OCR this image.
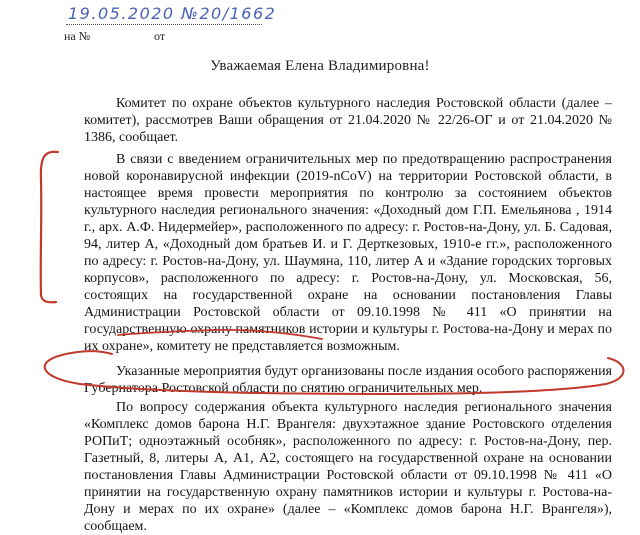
19.05.2020 №20/1662
на №	от
Уважаемая Елена Владимировна!

Комитет по охране объектов культурного наследия Ростовской области (далее – комитет), рассмотрев Ваши обращения от 21.04.2020 № 22/26-ОГ и от 21.04.2020 № 1386, сообщает.

В связи с введением ограничительных мер по предотвращению распространения новой коронавирусной инфекции (2019-nCoV) на территории Ростовской области, в настоящее время провести мероприятия по контролю за состоянием объектов культурного наследия регионального значения: «Доходный дом Г.П. Емельянова , 1914 г., арх. А.Ф. Нидермейер», расположенного по адресу: г. Ростов-на-Дону, ул. Б. Садовая, 94, литер А, «Доходный дом братьев И. и Г. Дерткезовых, 1910-е гг.», расположенного по адресу: г. Ростов-на-Дону, ул. Шаумяна, 110, литер А и «Здание городских торговых корпусов», расположенного по адресу: г. Ростов-на-Дону, ул. Московская, 56, состоящих на государственной охране на основании постановления Главы Администрации Ростовской области от 09.10.1998 № 411 «О принятии на государственную охрану памятников истории и культуры г. Ростова-на-Дону и мерах по их охране», комитету не представляется возможным.

Указанные мероприятия будут организованы после издания особого распоряжения Губернатора Ростовской области по снятию ограничительных мер.

По вопросу содержания объекта культурного наследия регионального значения «Комплекс домов барона Н.Г. Врангеля: двухэтажное здание Ростовского отделения РОПиТ; одноэтажный особняк», расположенного по адресу: г. Ростов-на-Дону, пер. Газетный, 8, литеры А, А1, А2, состоящего на государственной охране на основании постановления Главы Администрации Ростовской области от 09.10.1998 № 411 «О принятии на государственную охрану памятников истории и культуры г. Ростова-на-Дону и мерах по их охране» (далее – «Комплекс домов барона Н.Г. Врангеля»), сообщаем.
